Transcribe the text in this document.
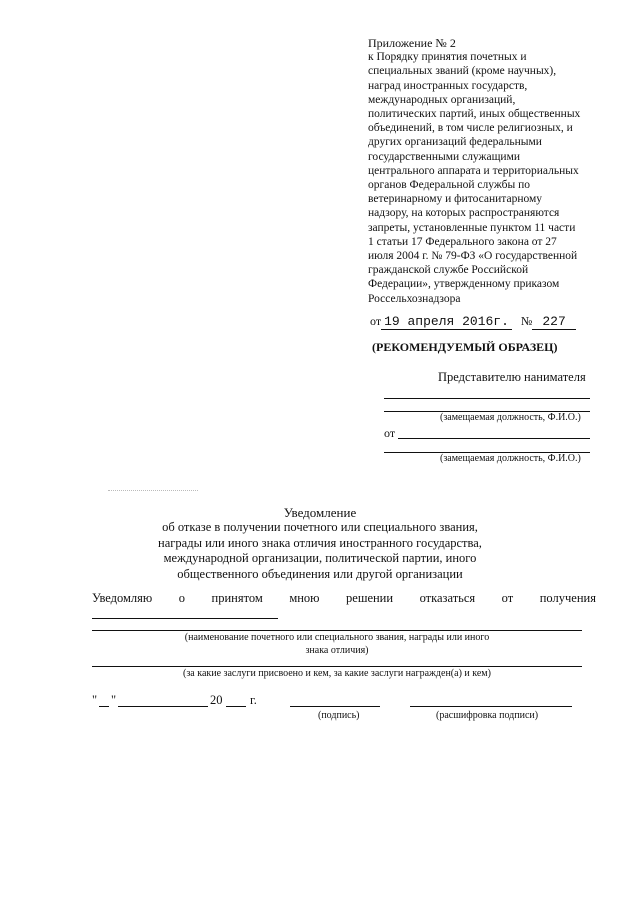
Приложение № 2
к Порядку принятия почетных и
специальных званий (кроме научных),
наград иностранных государств,
международных организаций,
политических партий, иных общественных
объединений, в том числе религиозных, и
других организаций федеральными
государственными служащими
центрального аппарата и территориальных
органов Федеральной службы по
ветеринарному и фитосанитарному
надзору, на которых распространяются
запреты, установленные пунктом 11 части
1 статьи 17 Федерального закона от 27
июля 2004 г. № 79-ФЗ «О государственной
гражданской службе Российской
Федерации», утвержденному приказом
Россельхознадзора
от 19 апреля 2016г. № 227
(РЕКОМЕНДУЕМЫЙ ОБРАЗЕЦ)
Представителю нанимателя
(замещаемая должность, Ф.И.О.)
от
(замещаемая должность, Ф.И.О.)
Уведомление
об отказе в получении почетного или специального звания,
награды или иного знака отличия иностранного государства,
международной организации, политической партии, иного
общественного объединения или другой организации
Уведомляю о принятом мною решении отказаться от получения
(наименование почетного или специального звания, награды или иного
знака отличия)
(за какие заслуги присвоено и кем, за какие заслуги награжден(а) и кем)
" "	20 г.
(подпись)	(расшифровка подписи)
